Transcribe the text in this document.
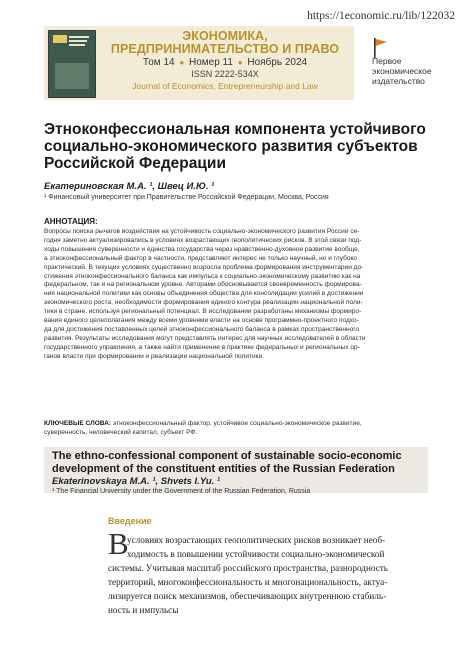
https://1economic.ru/lib/122032
ЭКОНОМИКА,
ПРЕДПРИНИМАТЕЛЬСТВО И ПРАВО
Том 14 ● Номер 11 ● Ноябрь 2024
ISSN 2222-534X
Journal of Economics, Entrepreneurship and Law
Первое
экономическое
издательство
Этноконфессиональная компонента устойчивого социально-экономического развития субъектов Российской Федерации
Екатериновская М.А. ¹, Швец И.Ю. ¹
¹ Финансовый университет при Правительстве Российской Федерации, Москва, Россия
АННОТАЦИЯ:
Вопросы поиска рычагов воздействия на устойчивость социально-экономического развития России се-
годня заметно актуализировались в условиях возрастающих геополитических рисков. В этой связи под-
ходы повышения суверенности и единства государства через нравственно-духовное развитие вообще,
а этноконфессиональный фактор в частности, представляют интерес не только научный, но и глубоко
практический. В текущих условиях существенно возросла проблема формирования инструментарии до-
стижения этноконфессионального баланса как импульса к социально-экономическому развитию как на
федеральном, так и на региональном уровне. Авторами обосновывается своевременность формирова-
ния национальной политики как основы объединения общества для консолидации усилий в достижении
экономического роста, необходимости формирования единого контура реализации национальной поли-
тики в стране, используя региональный потенциал. В исследовании разработаны механизмы формиро-
вания единого целеполагания между всеми уровнями власти на основе программно-проектного подхо-
да для достижения поставленных целей этноконфессионального баланса в рамках пространственного
развития. Результаты исследования могут представлять интерес для научных исследователей в области
государственного управления, а также найти применение в практике федеральных и региональных ор-
ганов власти при формировании и реализации национальной политики.
КЛЮЧЕВЫЕ СЛОВА: этноконфессиональный фактор, устойчивое социально-экономическое развитие,
суверенность, человеческий капитал, субъект РФ.
The ethno-confessional component of sustainable socio-economic development of the constituent entities of the Russian Federation
Ekaterinovskaya M.A. ¹, Shvets I.Yu. ¹
¹ The Financial University under the Government of the Russian Federation, Russia
Введение
В
условиях возрастающих геополитических рисков возникает необ-
ходимость в повышении устойчивости социально-экономической
системы. Учитывая масштаб российского пространства, разнородность
территорий, многоконфессиональность и многонациональность, актуа-
лизируется поиск механизмов, обеспечивающих внутреннюю стабиль-
ность и импульсы
